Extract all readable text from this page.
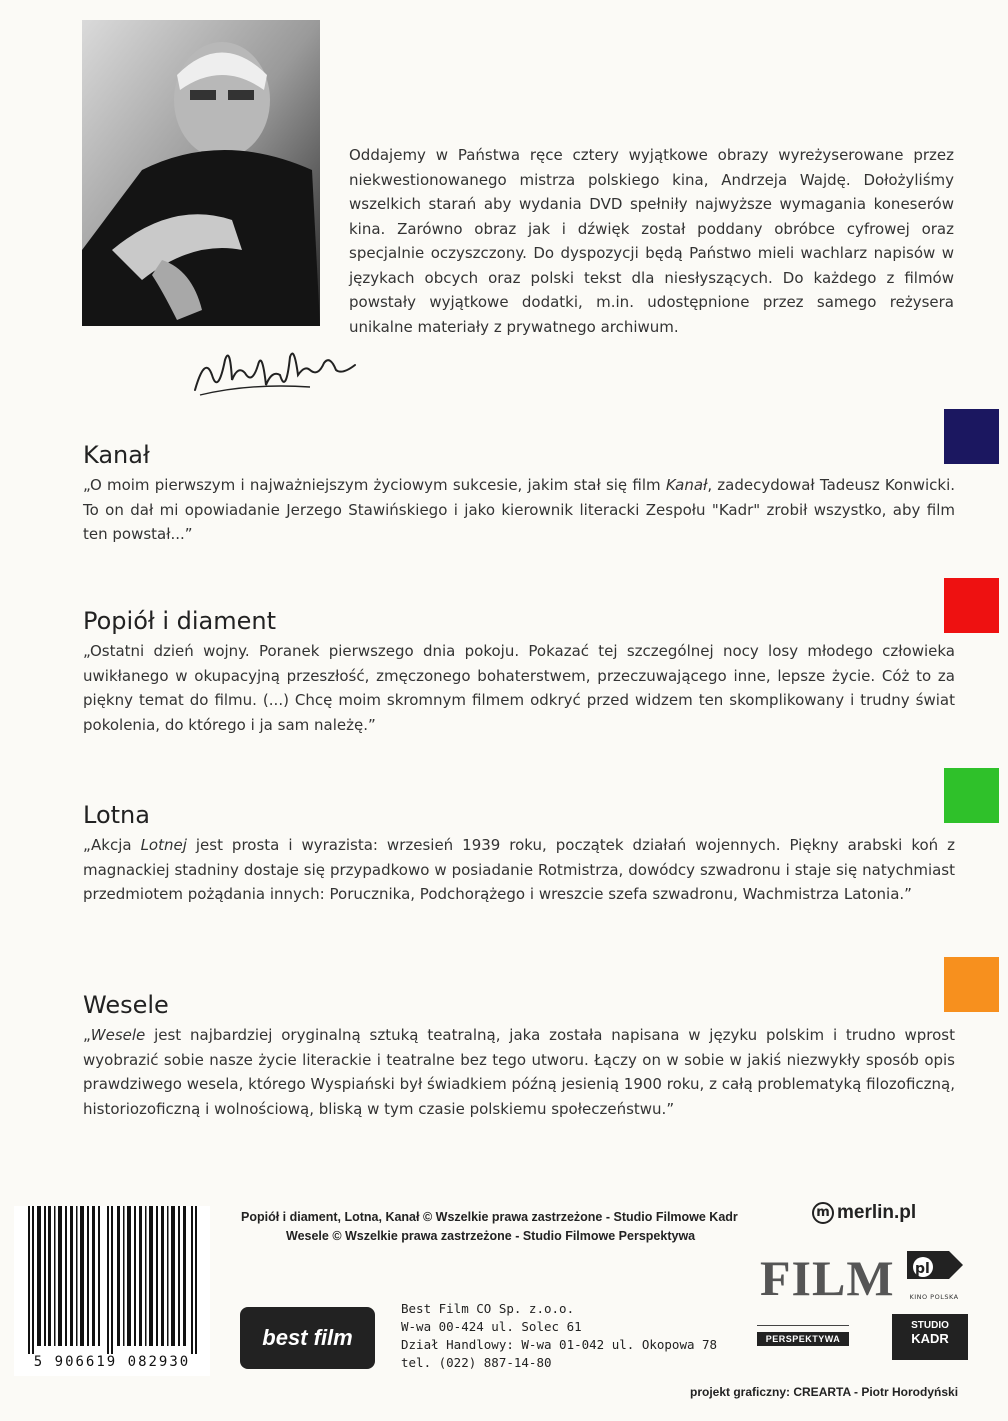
Oddajemy w Państwa ręce cztery wyjątkowe obrazy wyreżyserowane przez niekwestionowanego mistrza polskiego kina, Andrzeja Wajdę. Dołożyliśmy wszelkich starań aby wydania DVD spełniły najwyższe wymagania koneserów kina. Zarówno obraz jak i dźwięk został poddany obróbce cyfrowej oraz specjalnie oczyszczony. Do dyspozycji będą Państwo mieli wachlarz napisów w językach obcych oraz polski tekst dla niesłyszących. Do każdego z filmów powstały wyjątkowe dodatki, m.in. udostępnione przez samego reżysera unikalne materiały z prywatnego archiwum.
Kanał

„O moim pierwszym i najważniejszym życiowym sukcesie, jakim stał się film Kanał, zadecydował Tadeusz Konwicki. To on dał mi opowiadanie Jerzego Stawińskiego i jako kierownik literacki Zespołu "Kadr" zrobił wszystko, aby film ten powstał...”

Popiół i diament

„Ostatni dzień wojny. Poranek pierwszego dnia pokoju. Pokazać tej szczególnej nocy losy młodego człowieka uwikłanego w okupacyjną przeszłość, zmęczonego bohaterstwem, przeczuwającego inne, lepsze życie. Cóż to za piękny temat do filmu. (...) Chcę moim skromnym filmem odkryć przed widzem ten skomplikowany i trudny świat pokolenia, do którego i ja sam należę.”

Lotna

„Akcja Lotnej jest prosta i wyrazista: wrzesień 1939 roku, początek działań wojennych. Piękny arabski koń z magnackiej stadniny dostaje się przypadkowo w posiadanie Rotmistrza, dowódcy szwadronu i staje się natychmiast przedmiotem pożądania innych: Porucznika, Podchorążego i wreszcie szefa szwadronu, Wachmistrza Latonia.”

Wesele

„Wesele jest najbardziej oryginalną sztuką teatralną, jaka została napisana w języku polskim i trudno wprost wyobrazić sobie nasze życie literackie i teatralne bez tego utworu. Łączy on w sobie w jakiś niezwykły sposób opis prawdziwego wesela, którego Wyspiański był świadkiem późną jesienią 1900 roku, z całą problematyką filozoficzną, historiozoficzną i wolnościową, bliską w tym czasie polskiemu społeczeństwu.”

5 906619 082930
Popiół i diament, Lotna, Kanał © Wszelkie prawa zastrzeżone - Studio Filmowe Kadr
Wesele © Wszelkie prawa zastrzeżone - Studio Filmowe Perspektywa
m merlin.pl
FILM pl
KINO POLSKA
best film
Best Film CO Sp. z.o.o.
W-wa 00-424 ul. Solec 61
Dział Handlowy: W-wa 01-042 ul. Okopowa 78
tel. (022) 887-14-80
PERSPEKTYWA
STUDIO
KADR
projekt graficzny: CREARTA - Piotr Horodyński
